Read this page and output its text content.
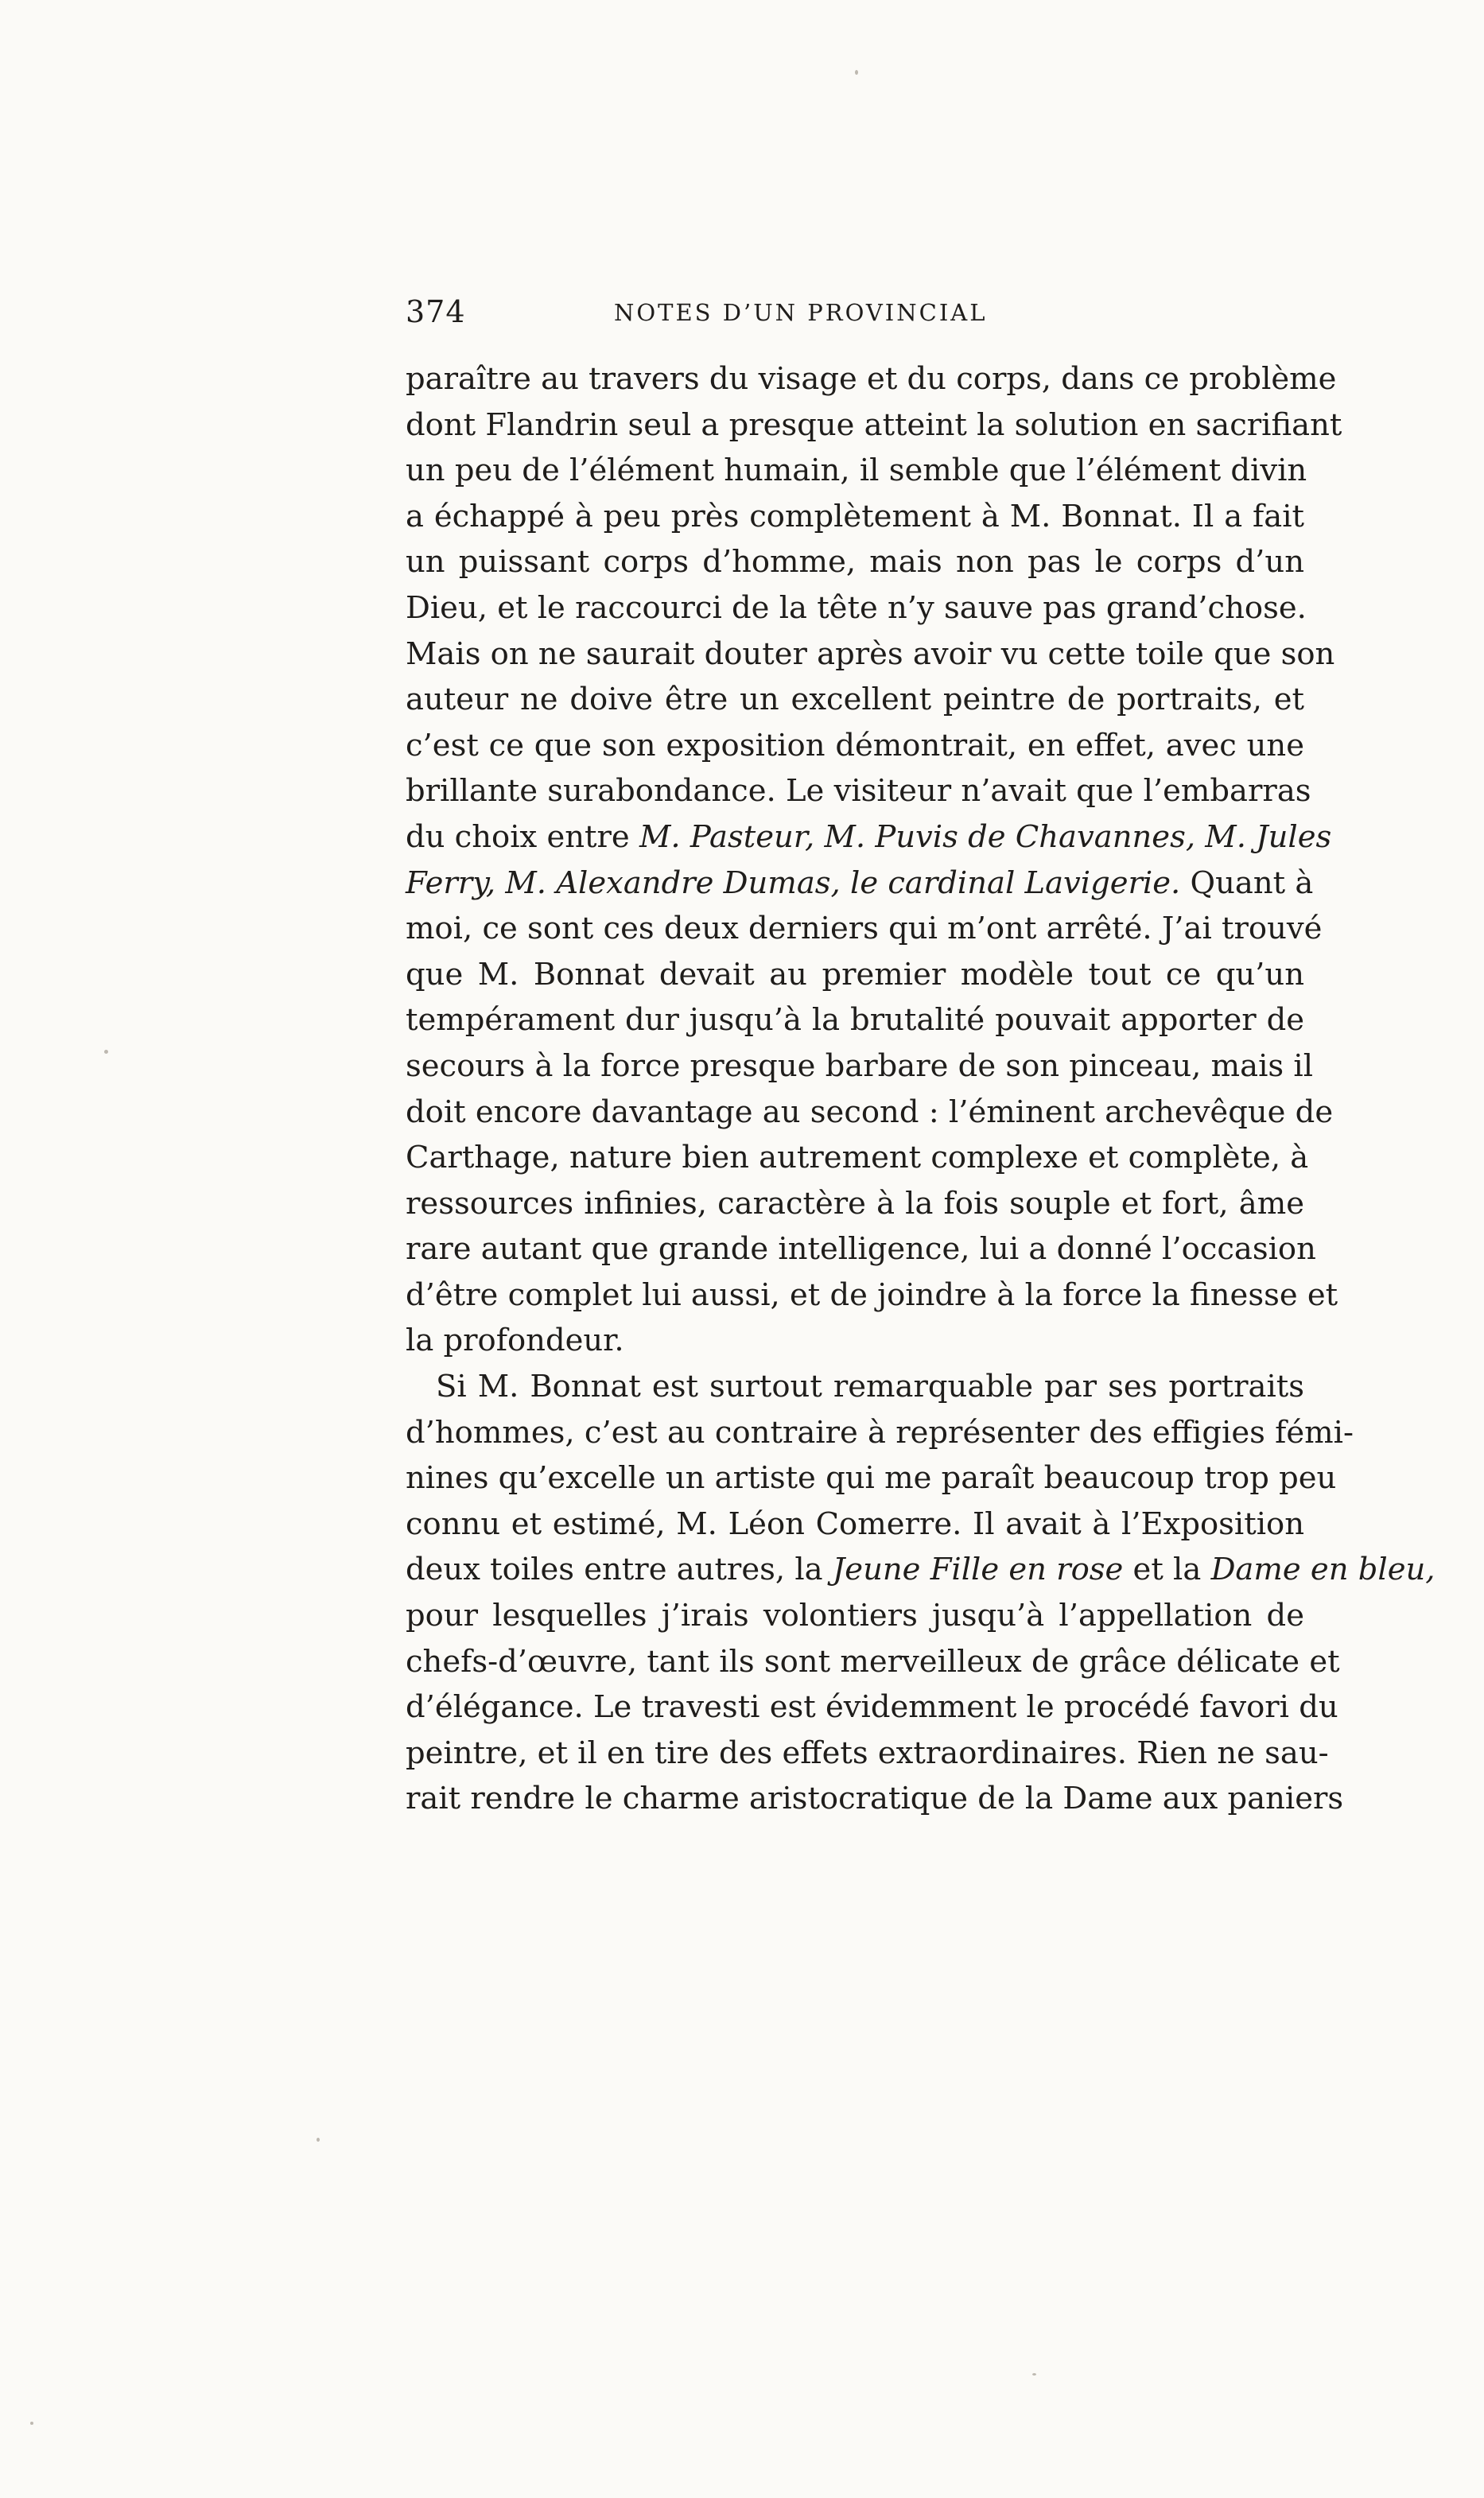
374	NOTES D’UN PROVINCIAL
paraître au travers du visage et du corps, dans ce problème
dont Flandrin seul a presque atteint la solution en sacrifiant
un peu de l’élément humain, il semble que l’élément divin
a échappé à peu près complètement à M. Bonnat. Il a fait
un puissant corps d’homme, mais non pas le corps d’un
Dieu, et le raccourci de la tête n’y sauve pas grand’chose.
Mais on ne saurait douter après avoir vu cette toile que son
auteur ne doive être un excellent peintre de portraits, et
c’est ce que son exposition démontrait, en effet, avec une
brillante surabondance. Le visiteur n’avait que l’embarras
du choix entre M. Pasteur, M. Puvis de Chavannes, M. Jules
Ferry, M. Alexandre Dumas, le cardinal Lavigerie. Quant à
moi, ce sont ces deux derniers qui m’ont arrêté. J’ai trouvé
que M. Bonnat devait au premier modèle tout ce qu’un
tempérament dur jusqu’à la brutalité pouvait apporter de
secours à la force presque barbare de son pinceau, mais il
doit encore davantage au second : l’éminent archevêque de
Carthage, nature bien autrement complexe et complète, à
ressources infinies, caractère à la fois souple et fort, âme
rare autant que grande intelligence, lui a donné l’occasion
d’être complet lui aussi, et de joindre à la force la finesse et
la profondeur.
Si M. Bonnat est surtout remarquable par ses portraits
d’hommes, c’est au contraire à représenter des effigies fémi-
nines qu’excelle un artiste qui me paraît beaucoup trop peu
connu et estimé, M. Léon Comerre. Il avait à l’Exposition
deux toiles entre autres, la Jeune Fille en rose et la Dame en bleu,
pour lesquelles j’irais volontiers jusqu’à l’appellation de
chefs-d’œuvre, tant ils sont merveilleux de grâce délicate et
d’élégance. Le travesti est évidemment le procédé favori du
peintre, et il en tire des effets extraordinaires. Rien ne sau-
rait rendre le charme aristocratique de la Dame aux paniers
